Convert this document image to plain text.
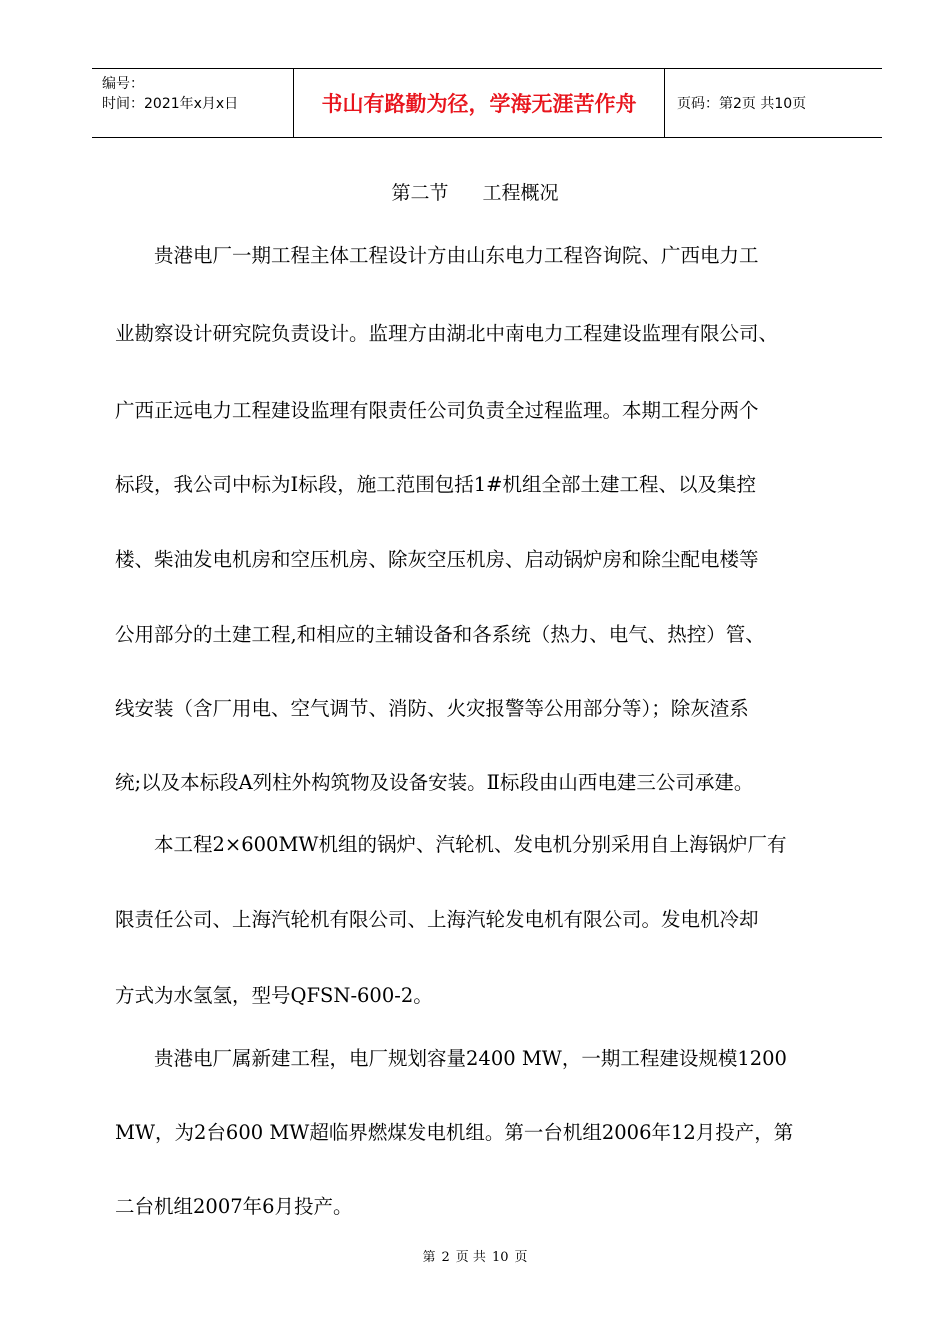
编号：
时间：2021年x月x日	书山有路勤为径，学海无涯苦作舟	页码：第2页 共10页
第二节 工程概况
　　贵港电厂一期工程主体工程设计方由山东电力工程咨询院、广西电力工
业勘察设计研究院负责设计。监理方由湖北中南电力工程建设监理有限公司、
广西正远电力工程建设监理有限责任公司负责全过程监理。本期工程分两个
标段，我公司中标为Ⅰ标段，施工范围包括1#机组全部土建工程、以及集控
楼、柴油发电机房和空压机房、除灰空压机房、启动锅炉房和除尘配电楼等
公用部分的土建工程,和相应的主辅设备和各系统（热力、电气、热控）管、
线安装（含厂用电、空气调节、消防、火灾报警等公用部分等）；除灰渣系
统;以及本标段A列柱外构筑物及设备安装。Ⅱ标段由山西电建三公司承建。
　　本工程2×600MW机组的锅炉、汽轮机、发电机分别采用自上海锅炉厂有
限责任公司、上海汽轮机有限公司、上海汽轮发电机有限公司。发电机冷却
方式为水氢氢，型号QFSN-600-2。
　　贵港电厂属新建工程，电厂规划容量2400 MW，一期工程建设规模1200
MW，为2台600 MW超临界燃煤发电机组。第一台机组2006年12月投产，第
二台机组2007年6月投产。
第 2 页 共 10 页
